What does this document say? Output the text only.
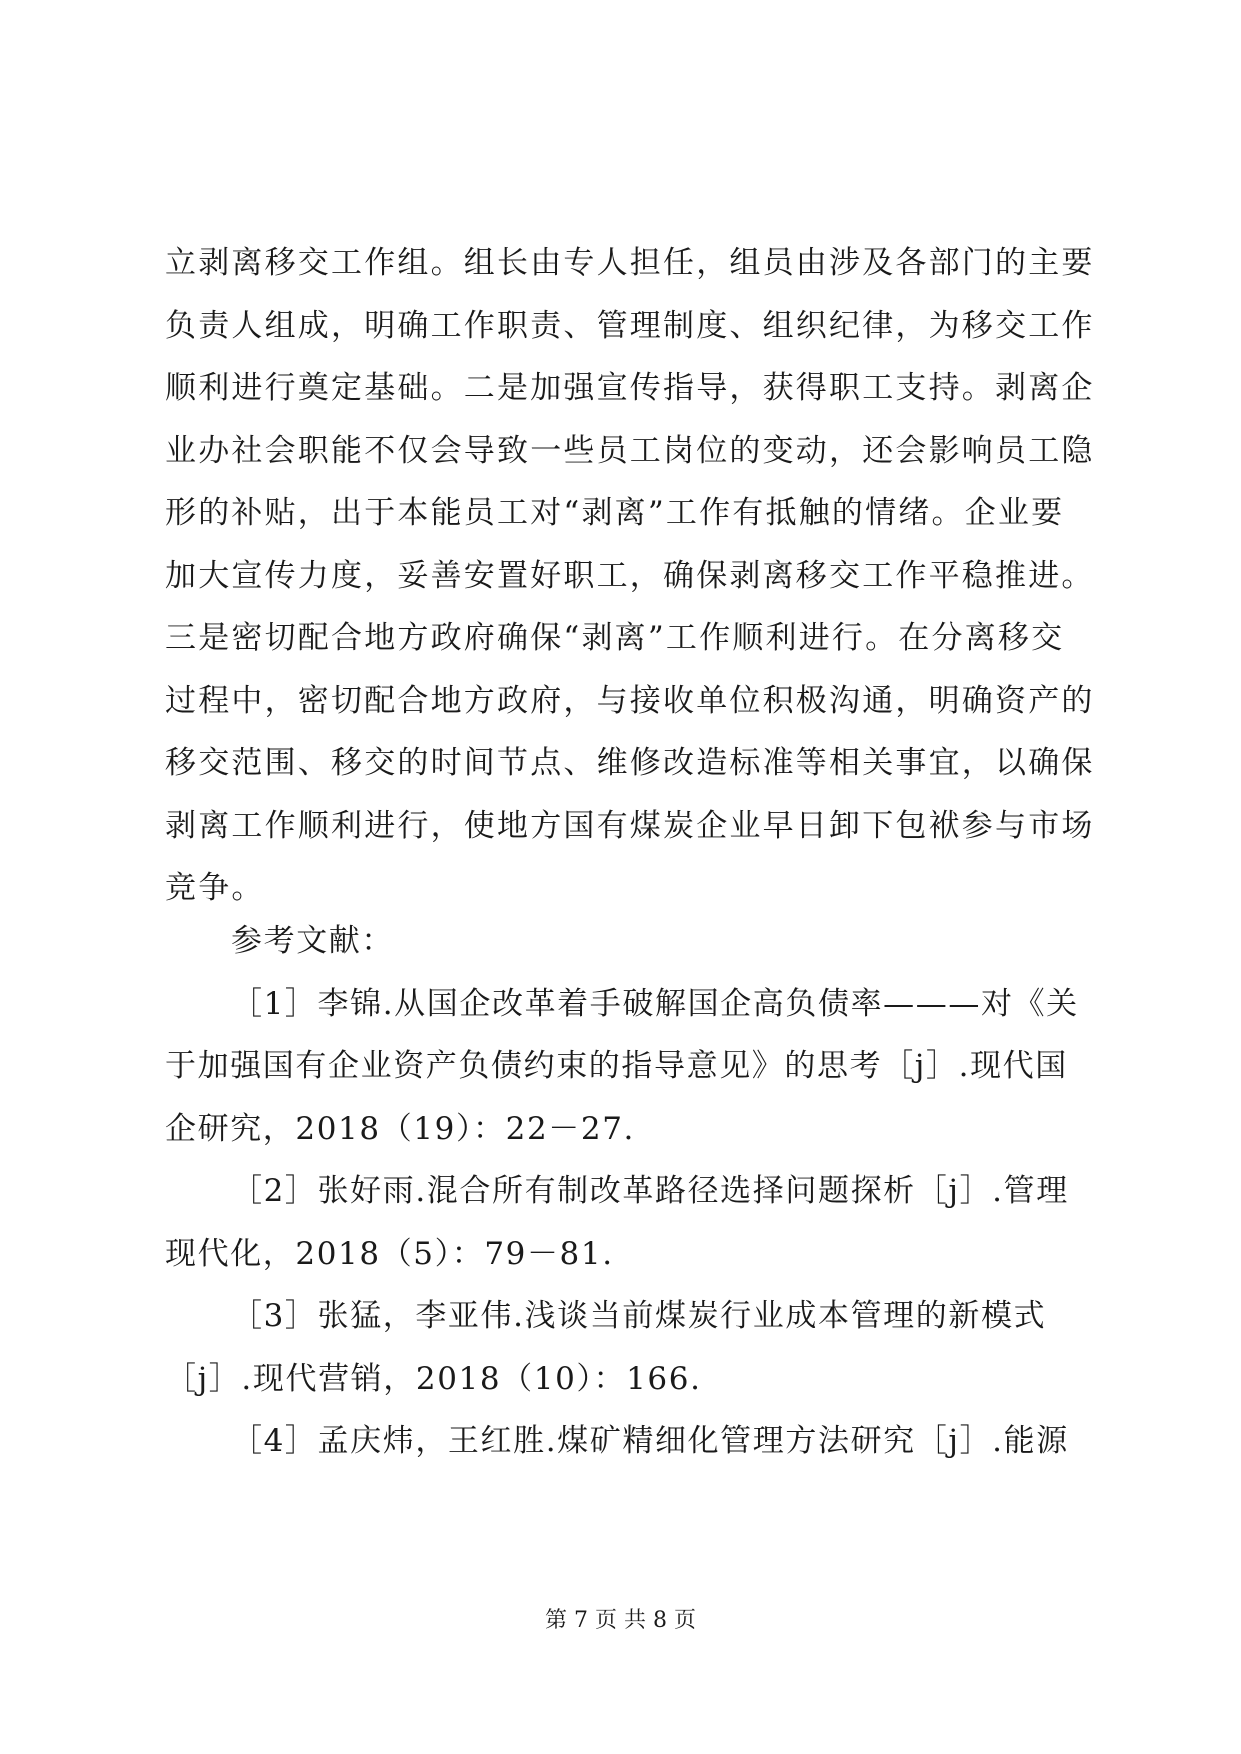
立剥离移交工作组。组长由专人担任，组员由涉及各部门的主要
负责人组成，明确工作职责、管理制度、组织纪律，为移交工作
顺利进行奠定基础。二是加强宣传指导，获得职工支持。剥离企
业办社会职能不仅会导致一些员工岗位的变动，还会影响员工隐
形的补贴，出于本能员工对“剥离”工作有抵触的情绪。企业要
加大宣传力度，妥善安置好职工，确保剥离移交工作平稳推进。
三是密切配合地方政府确保“剥离”工作顺利进行。在分离移交
过程中，密切配合地方政府，与接收单位积极沟通，明确资产的
移交范围、移交的时间节点、维修改造标准等相关事宜，以确保
剥离工作顺利进行，使地方国有煤炭企业早日卸下包袱参与市场
竞争。
参考文献：
［1］李锦.从国企改革着手破解国企高负债率———对《关
于加强国有企业资产负债约束的指导意见》的思考［j］.现代国
企研究，2018（19）：22－27.
［2］张好雨.混合所有制改革路径选择问题探析［j］.管理
现代化，2018（5）：79－81.
［3］张猛，李亚伟.浅谈当前煤炭行业成本管理的新模式
［j］.现代营销，2018（10）：166.
［4］孟庆炜，王红胜.煤矿精细化管理方法研究［j］.能源
第 7 页 共 8 页
